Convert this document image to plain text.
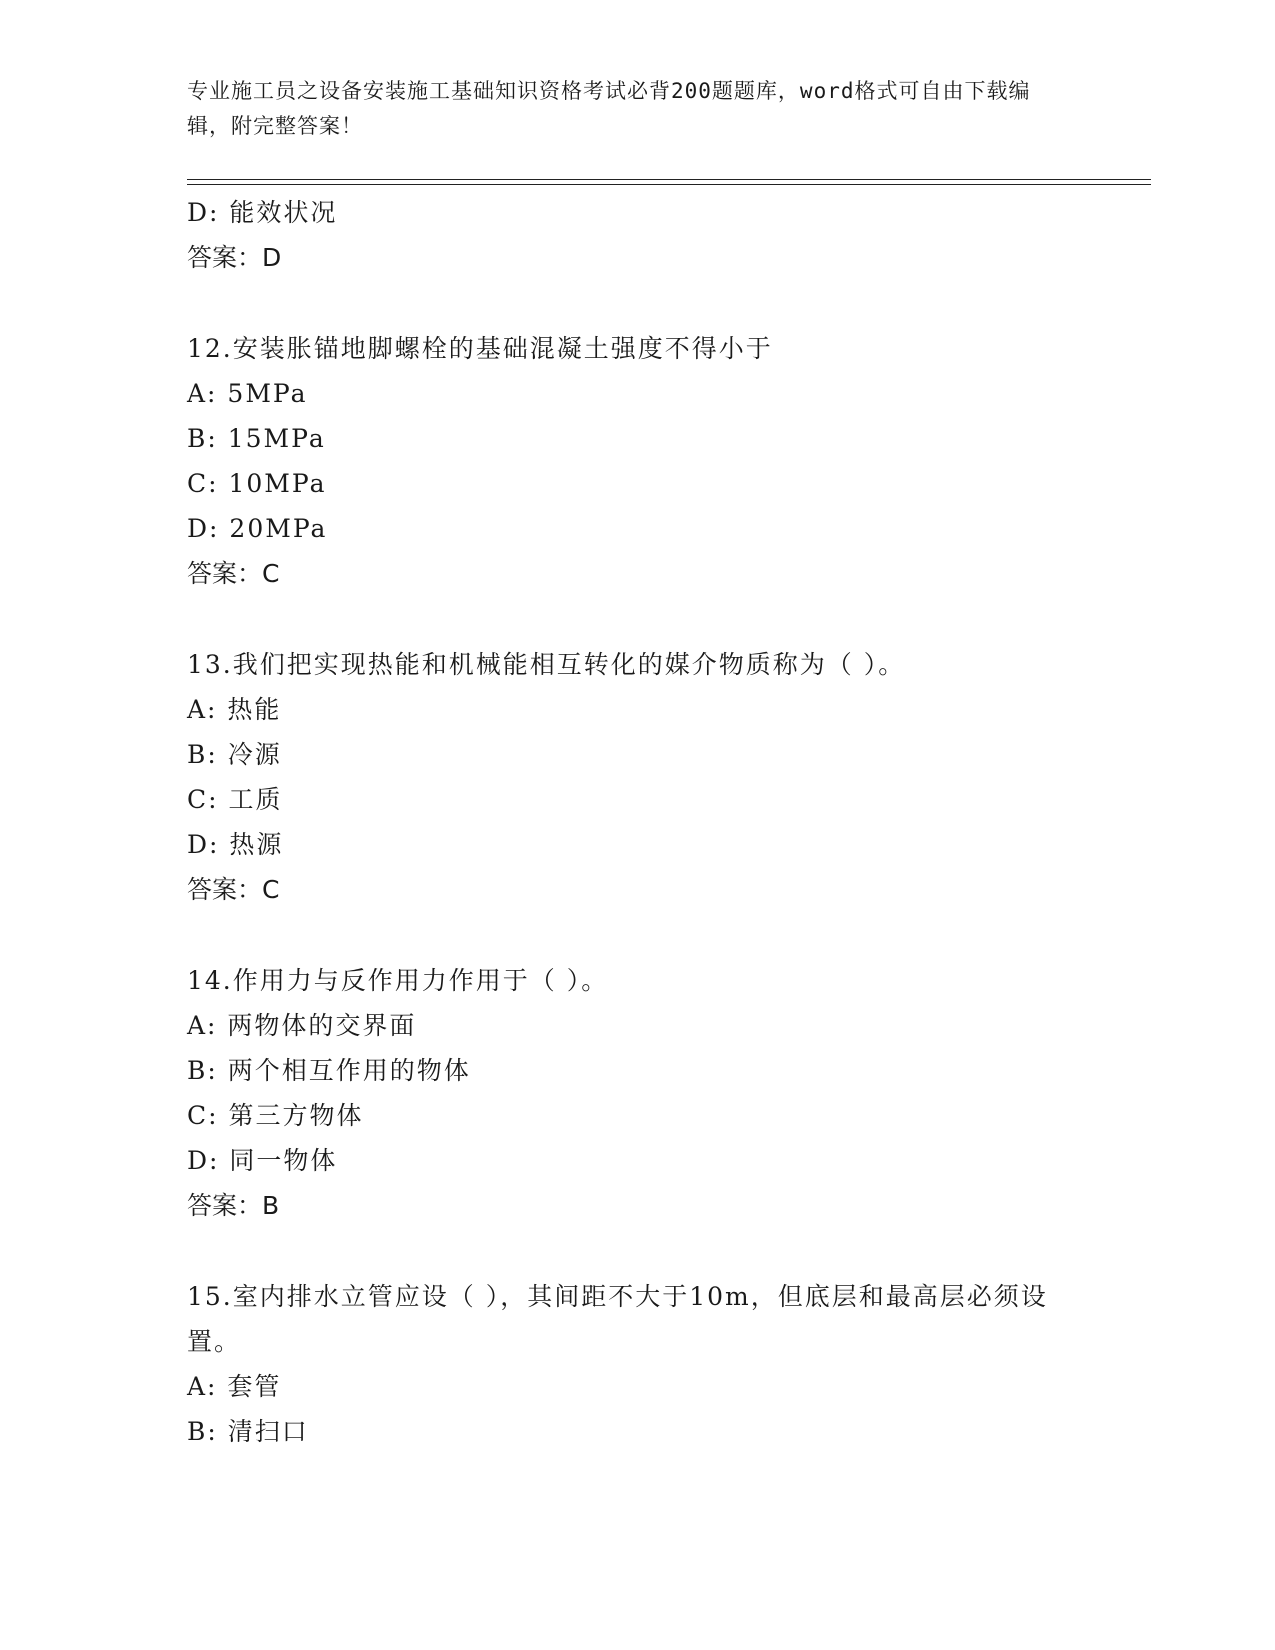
专业施工员之设备安装施工基础知识资格考试必背200题题库，word格式可自由下载编辑，附完整答案！
D: 能效状况
答案：D
12.安装胀锚地脚螺栓的基础混凝土强度不得小于
A: 5MPa
B: 15MPa
C: 10MPa
D: 20MPa
答案：C
13.我们把实现热能和机械能相互转化的媒介物质称为（ ）。
A: 热能
B: 冷源
C: 工质
D: 热源
答案：C
14.作用力与反作用力作用于（ ）。
A: 两物体的交界面
B: 两个相互作用的物体
C: 第三方物体
D: 同一物体
答案：B
15.室内排水立管应设（ ），其间距不大于10m，但底层和最高层必须设置。
A: 套管
B: 清扫口
